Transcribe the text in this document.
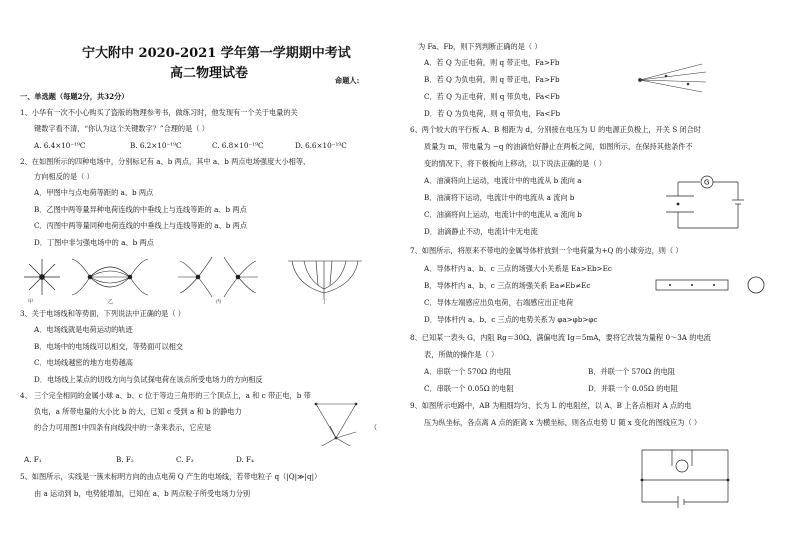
宁大附中 2020-2021 学年第一学期期中考试
高二物理试卷	命题人:
一、单选题（每题2分，共32分）
1、小华有一次不小心购买了盗版的物理参考书，做练习时，他发现有一个关于电量的关
键数字看不清，“你认为这个关键数字？”合理的是（ ）
A. 6.4×10⁻¹⁹C	B. 6.2×10⁻¹⁹C	C. 6.8×10⁻¹⁹C	D. 6.6×10⁻¹⁹C
2、在如图所示的四种电场中，分别标记有 a、b 两点，其中 a、b 两点电场强度大小相等、
方向相反的是（ ）
A．甲图中与点电荷等距的 a、b 两点
B．乙图中两等量异种电荷连线的中垂线上与连线等距的 a、b 两点
C．丙图中两等量同种电荷连线的中垂线上与连线等距的 a、b 两点
D．丁图中非匀强电场中的 a、b 两点
甲	乙	丙	丁
3、关于电场线和等势面，下列说法中正确的是（ ）
A．电场线就是电荷运动的轨迹
B．电场中的电场线可以相交，等势面可以相交
C．电场线越密的地方电势越高
D．电场线上某点的切线方向与负试探电荷在该点所受电场力的方向相反
4、 三个完全相同的金属小球 a、b、c 位于等边三角形的三个顶点上，a 和 c 带正电，b 带
负电，a 所带电量的大小比 b 的大，已知 c 受到 a 和 b 的静电力
的合力可用图1中四条有向线段中的一条来表示，它应是	（
A. F₁	B. F₂	C. F₃	D. F₄
5、如图所示，实线是一簇未标明方向的由点电荷 Q 产生的电场线，若带电粒子 q（|Q|≫|q|）
由 a 运动到 b，电势能增加，已知在 a、b 两点粒子所受电场力分别
为 Fa、Fb，则下列判断正确的是（ ）
A．若 Q 为正电荷，则 q 带正电，Fa>Fb
B．若 Q 为负电荷，则 q 带正电，Fa>Fb
C．若 Q 为正电荷，则 q 带负电，Fa<Fb
D．若 Q 为负电荷，则 q 带负电，Fa<Fb
6、两个较大的平行板 A、B 相距为 d，分别接在电压为 U 的电源正负极上，开关 S 闭合时
质量为 m，带电量为 −q 的油滴恰好静止在两板之间，如图所示，在保持其他条件不
变的情况下，将下极板向上移动，以下说法正确的是（ ）
A．油滴将向上运动，电流计中的电流从 b 流向 a
B．油滴将下运动，电流计中的电流从 a 流向 b
C．油滴将向上运动，电流计中的电流从 a 流向 b
D．油滴静止不动，电流计中无电流
G
7、如图所示，将原来不带电的金属导体杆放到一个电荷量为+Q 的小球旁边，则（ ）
A．导体杆内 a、b、c 三点的场强大小关系是 Ea>Eb>Ec
B．导体杆内 a、b、c 三点的场强关系 Ea≠Eb≠Ec
C．导体左端感应出负电荷，右端感应出正电荷
D．导体杆内 a、b、c 三点的电势关系为 φa>φb>φc
8、已知某一表头 G，内阻 Rg＝30Ω，满偏电流 Ig＝5mA，要将它改装为量程 0～3A 的电流
表，所做的操作是（ ）
A．串联一个 570Ω 的电阻	B．并联一个 570Ω 的电阻
C．串联一个 0.05Ω 的电阻	D．并联一个 0.05Ω 的电阻
9、如图所示电路中，AB 为粗细均匀、长为 L 的电阻丝，以 A、B 上各点相对 A 点的电
压为纵坐标，各点离 A 点的距离 x 为横坐标，则各点电势 U 随 x 变化的图线应为（ ）
